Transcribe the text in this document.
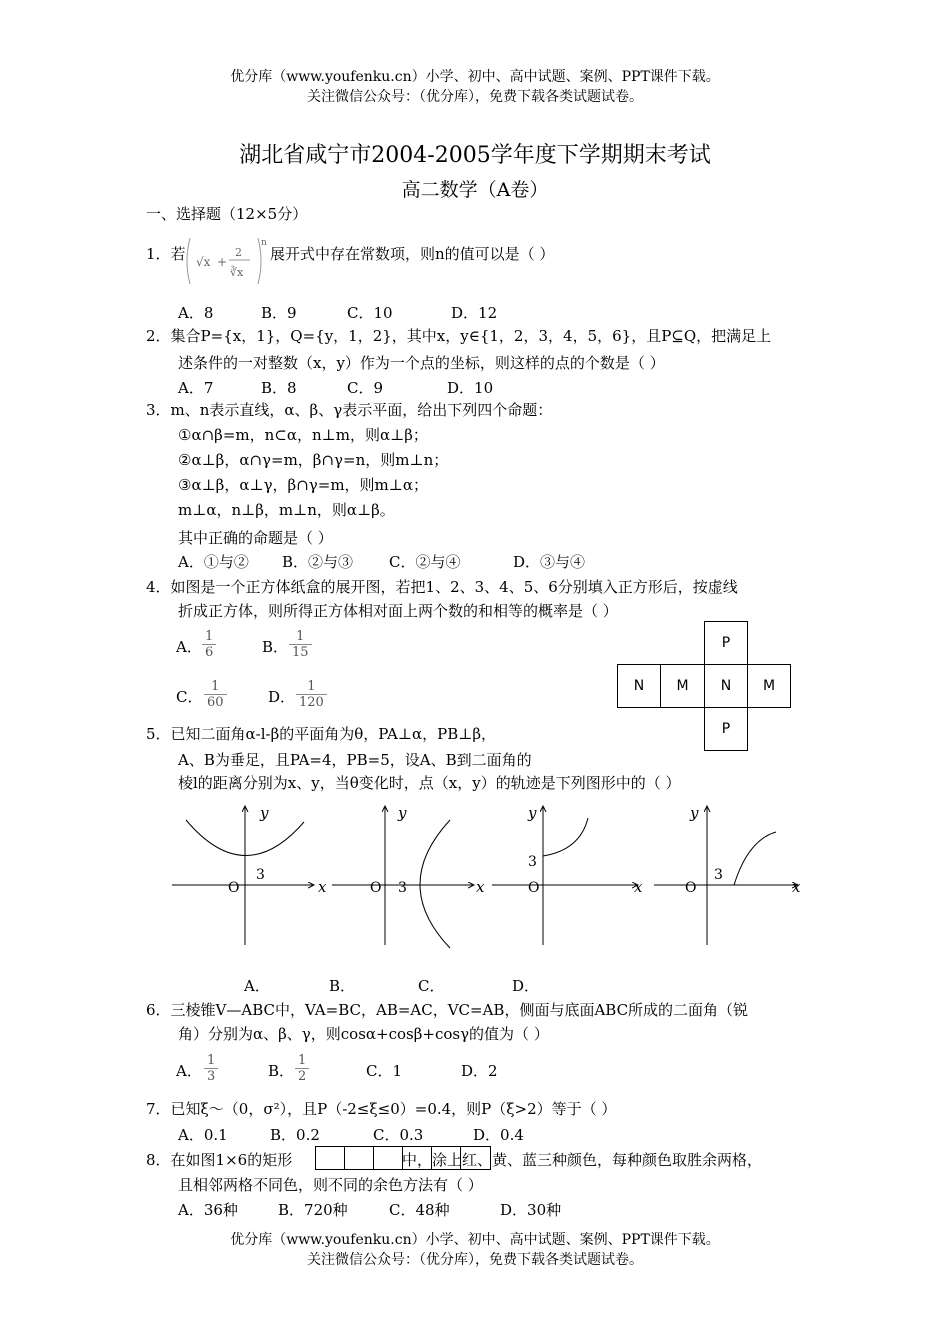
优分库（www.youfenku.cn）小学、初中、高中试题、案例、PPT课件下载。
关注微信公众号：（优分库），免费下载各类试题试卷。
湖北省咸宁市2004-2005学年度下学期期末考试
高二数学（A卷）
一、选择题（12×5分）
1．若 √x +
2
∛x
n
展开式中存在常数项，则n的值可以是（ ）
A．8	B．9	C．10	D．12
2．集合P={x，1}，Q={y，1，2}，其中x，y∈{1，2，3，4，5，6}，且P⊆Q，把满足上
述条件的一对整数（x，y）作为一个点的坐标，则这样的点的个数是（ ）
A．7	B．8	C．9	D．10
3．m、n表示直线，α、β、γ表示平面，给出下列四个命题：
①α∩β=m，n⊂α，n⊥m，则α⊥β；
②α⊥β，α∩γ=m，β∩γ=n，则m⊥n；
③α⊥β，α⊥γ，β∩γ=m，则m⊥α；
m⊥α，n⊥β，m⊥n，则α⊥β。
其中正确的命题是（ ）
A．①与② B．②与③ C．②与④	D．③与④
4．如图是一个正方体纸盒的展开图，若把1、2、3、4、5、6分别填入正方形后，按虚线
折成正方体，则所得正方体相对面上两个数的和相等的概率是（ ）
A． $\frac{1}{6}$	B． $\frac{1}{15}$
C． $\frac{1}{60}$	D． $\frac{1}{120}$
P
N	M	N	M
P
5．已知二面角α-l-β的平面角为θ，PA⊥α，PB⊥β，
A、B为垂足，且PA=4，PB=5，设A、B到二面角的
棱l的距离分别为x、y，当θ变化时，点（x，y）的轨迹是下列图形中的（ ）
y
x
O
3
y
x
O 3
y
x
O
3
y
x
O
3
A．	B．	C．	D．
6．三棱锥V—ABC中，VA=BC，AB=AC，VC=AB，侧面与底面ABC所成的二面角（锐
角）分别为α、β、γ，则cosα+cosβ+cosγ的值为（ ）
A． $\frac{1}{3}$	B． $\frac{1}{2}$	C．1	D．2
7．已知ξ～（0，σ²），且P（-2≤ξ≤0）=0.4，则P（ξ>2）等于（ ）
A．0.1	B．0.2	C．0.3	D．0.4
8．在如图1×6的矩形	中，涂上红、黄、蓝三种颜色，每种颜色取胜余两格，
且相邻两格不同色，则不同的余色方法有（ ）
A．36种	B．720种	C．48种	D．30种
优分库（www.youfenku.cn）小学、初中、高中试题、案例、PPT课件下载。
关注微信公众号：（优分库），免费下载各类试题试卷。
